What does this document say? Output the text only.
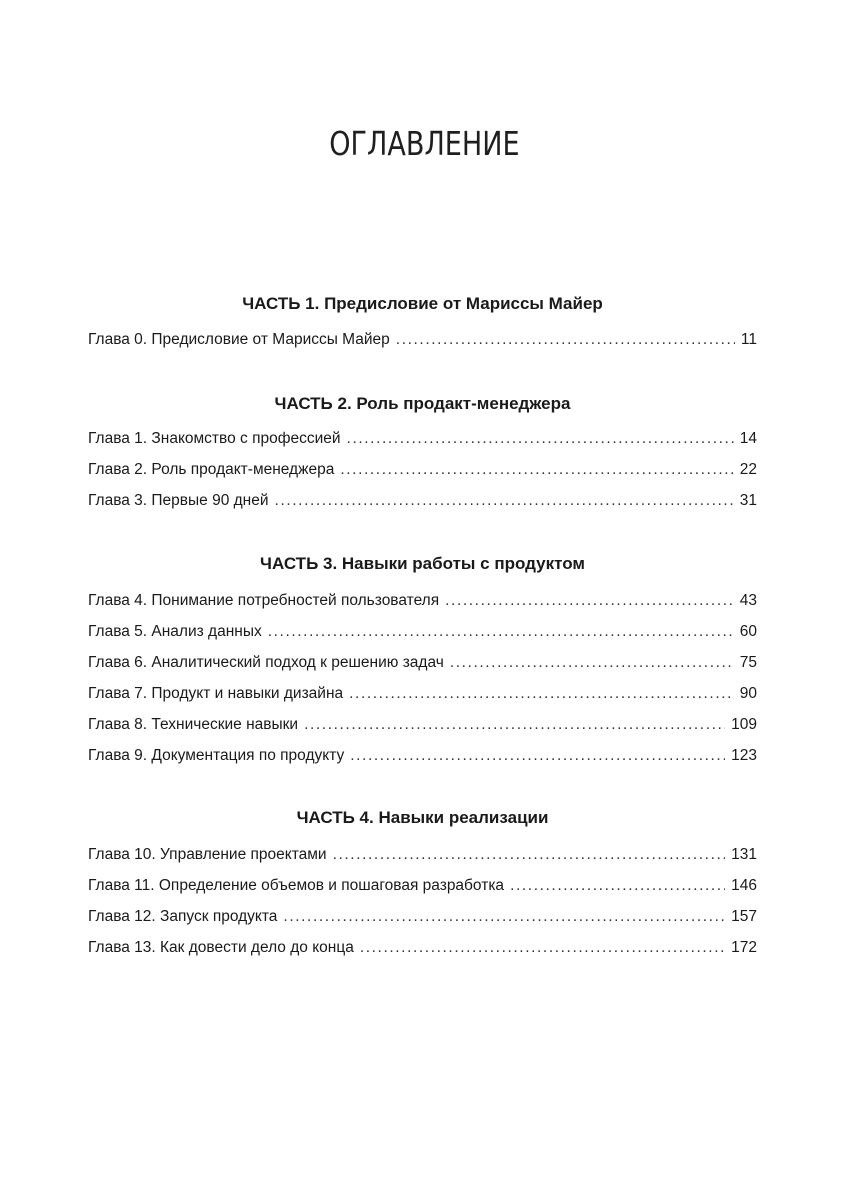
ОГЛАВЛЕНИЕ
ЧАСТЬ 1. Предисловие от Мариссы Майер
Глава 0. Предисловие от Мариссы Майер .....	11
ЧАСТЬ 2. Роль продакт-менеджера
Глава 1. Знакомство с профессией .....	14
Глава 2. Роль продакт-менеджера .....	22
Глава 3. Первые 90 дней .....	31
ЧАСТЬ 3. Навыки работы с продуктом
Глава 4. Понимание потребностей пользователя .....	43
Глава 5. Анализ данных .....	60
Глава 6. Аналитический подход к решению задач .....	75
Глава 7. Продукт и навыки дизайна .....	90
Глава 8. Технические навыки .....	109
Глава 9. Документация по продукту .....	123
ЧАСТЬ 4. Навыки реализации
Глава 10. Управление проектами .....	131
Глава 11. Определение объемов и пошаговая разработка .....	146
Глава 12. Запуск продукта .....	157
Глава 13. Как довести дело до конца .....	172
